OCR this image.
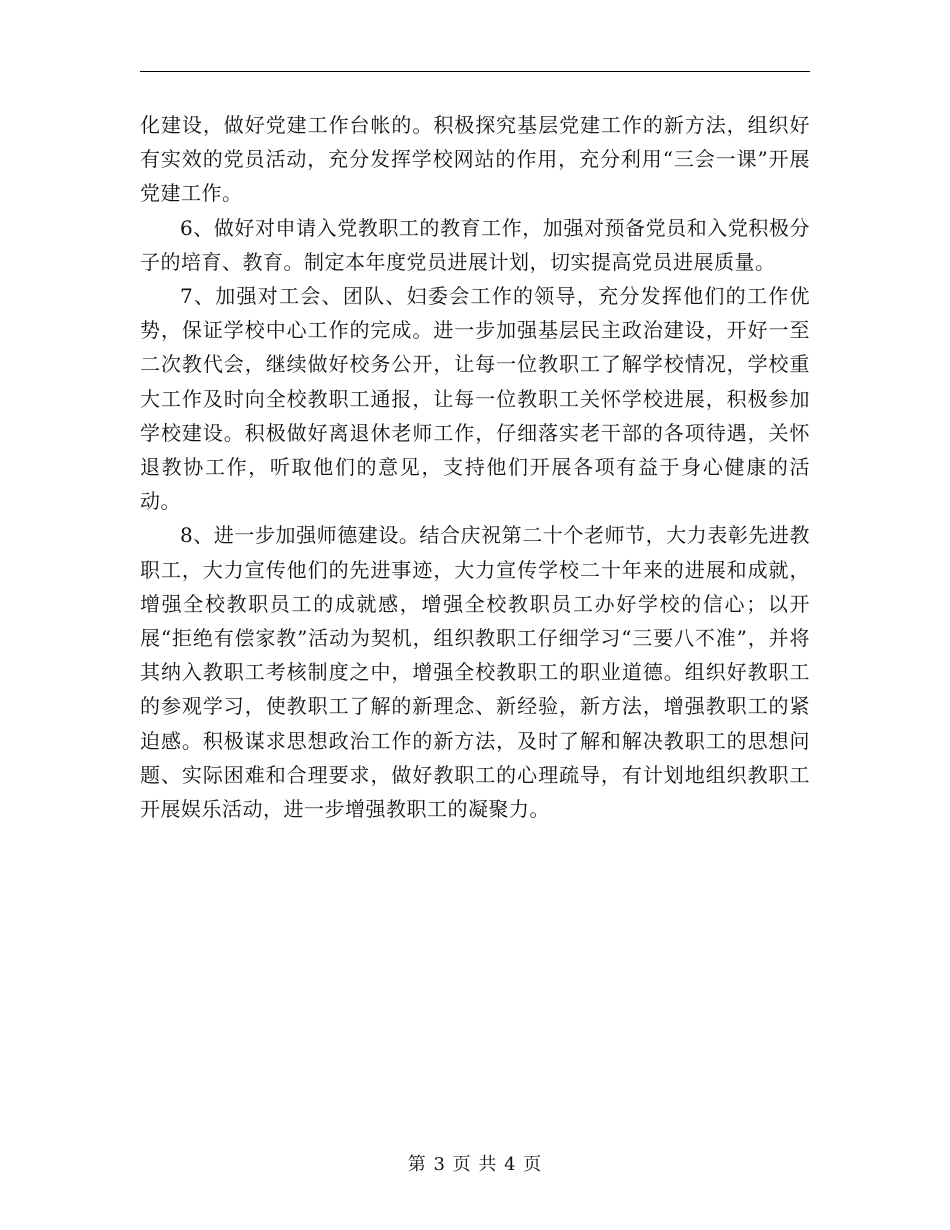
化建设，做好党建工作台帐的。积极探究基层党建工作的新方法，组织好有实效的党员活动，充分发挥学校网站的作用，充分利用“三会一课”开展党建工作。

6、做好对申请入党教职工的教育工作，加强对预备党员和入党积极分子的培育、教育。制定本年度党员进展计划，切实提高党员进展质量。

7、加强对工会、团队、妇委会工作的领导，充分发挥他们的工作优势，保证学校中心工作的完成。进一步加强基层民主政治建设，开好一至二次教代会，继续做好校务公开，让每一位教职工了解学校情况，学校重大工作及时向全校教职工通报，让每一位教职工关怀学校进展，积极参加学校建设。积极做好离退休老师工作，仔细落实老干部的各项待遇，关怀退教协工作，听取他们的意见，支持他们开展各项有益于身心健康的活动。

8、进一步加强师德建设。结合庆祝第二十个老师节，大力表彰先进教职工，大力宣传他们的先进事迹，大力宣传学校二十年来的进展和成就，增强全校教职员工的成就感，增强全校教职员工办好学校的信心；以开展“拒绝有偿家教”活动为契机，组织教职工仔细学习“三要八不准”，并将其纳入教职工考核制度之中，增强全校教职工的职业道德。组织好教职工的参观学习，使教职工了解的新理念、新经验，新方法，增强教职工的紧迫感。积极谋求思想政治工作的新方法，及时了解和解决教职工的思想问题、实际困难和合理要求，做好教职工的心理疏导，有计划地组织教职工开展娱乐活动，进一步增强教职工的凝聚力。

第 3 页 共 4 页
